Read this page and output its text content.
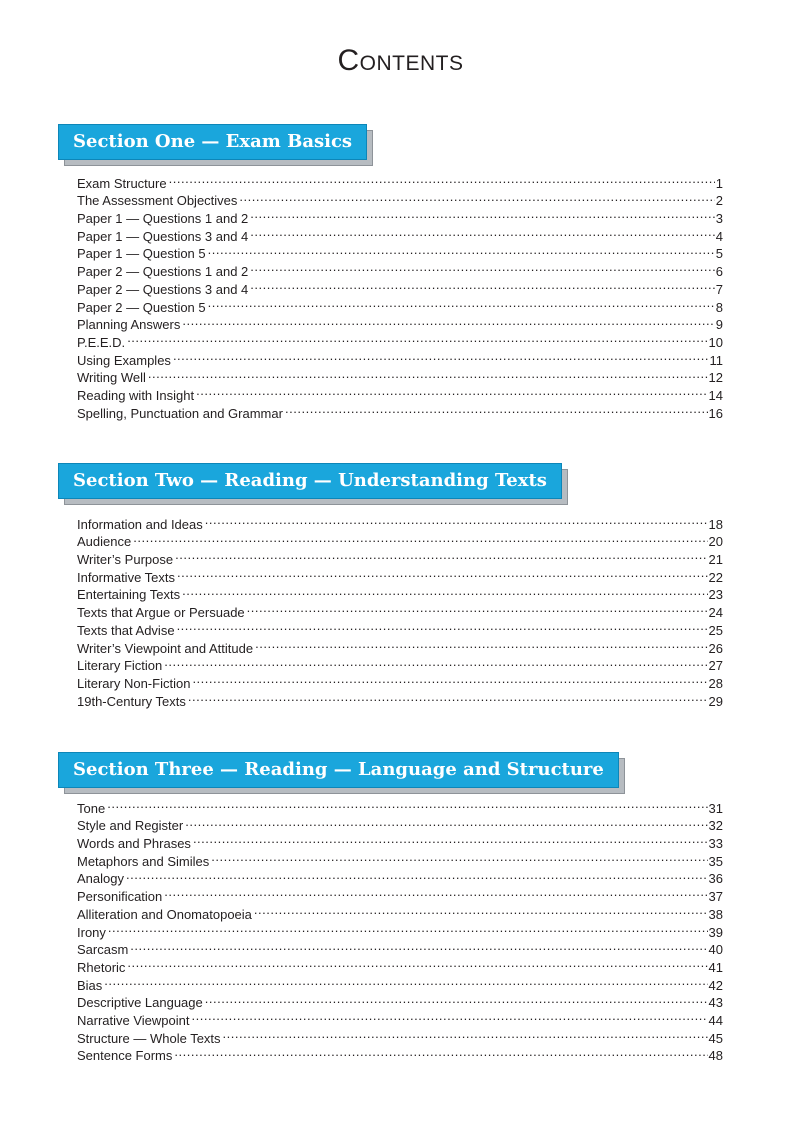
Contents
Section One — Exam Basics
Exam Structure . . .	1
The Assessment Objectives . . .	2
Paper 1 — Questions 1 and 2 . . .	3
Paper 1 — Questions 3 and 4 . . .	4
Paper 1 — Question 5 . . .	5
Paper 2 — Questions 1 and 2 . . .	6
Paper 2 — Questions 3 and 4 . . .	7
Paper 2 — Question 5 . . .	8
Planning Answers . . .	9
P.E.E.D. . . .	10
Using Examples . . .	11
Writing Well . . .	12
Reading with Insight . . .	14
Spelling, Punctuation and Grammar . . .	16
Section Two — Reading — Understanding Texts
Information and Ideas . . .	18
Audience . . .	20
Writer’s Purpose . . .	21
Informative Texts . . .	22
Entertaining Texts . . .	23
Texts that Argue or Persuade . . .	24
Texts that Advise . . .	25
Writer’s Viewpoint and Attitude . . .	26
Literary Fiction . . .	27
Literary Non-Fiction . . .	28
19th-Century Texts . . .	29
Section Three — Reading — Language and Structure
Tone . . .	31
Style and Register . . .	32
Words and Phrases . . .	33
Metaphors and Similes . . .	35
Analogy . . .	36
Personification . . .	37
Alliteration and Onomatopoeia . . .	38
Irony . . .	39
Sarcasm . . .	40
Rhetoric . . .	41
Bias . . .	42
Descriptive Language . . .	43
Narrative Viewpoint . . .	44
Structure — Whole Texts . . .	45
Sentence Forms . . .	48
